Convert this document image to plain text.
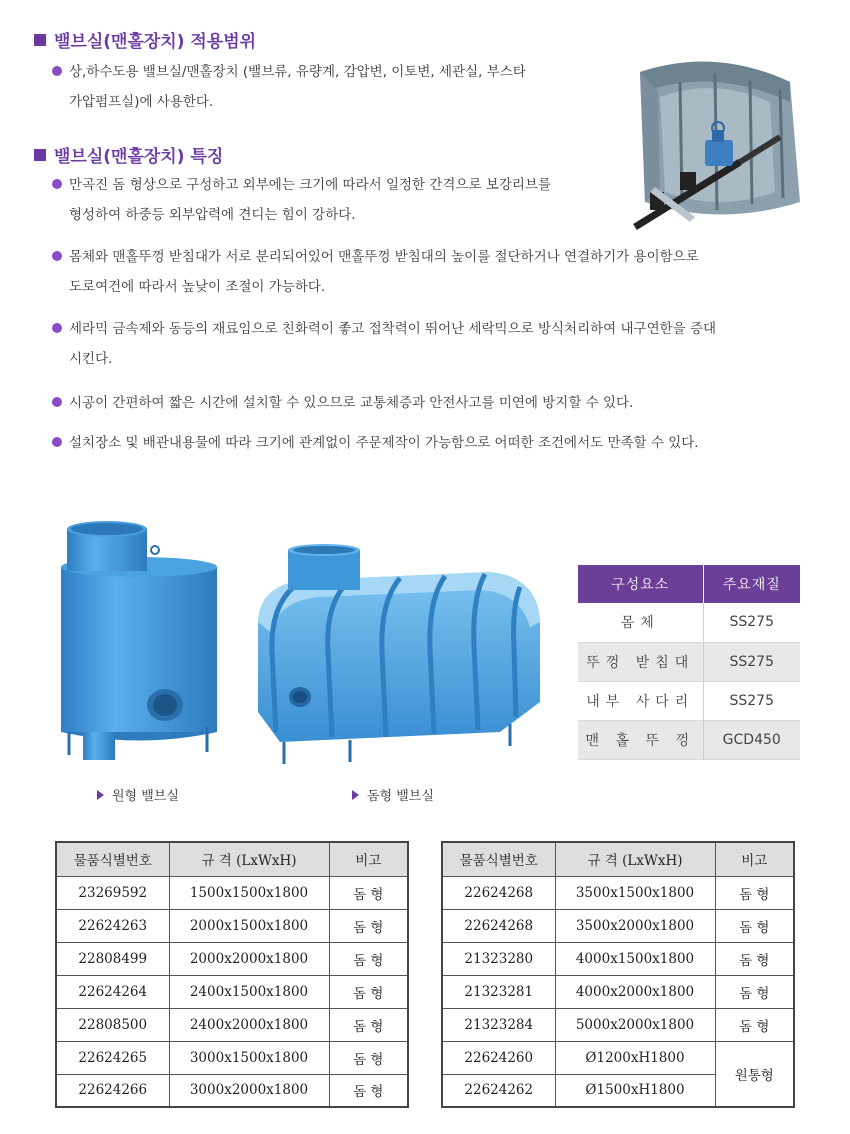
밸브실(맨홀장치) 적용범위
상,하수도용 밸브실/맨홀장치 (밸브류, 유량계, 감압변, 이토변, 세관실, 부스타
가압펌프실)에 사용한다.
밸브실(맨홀장치) 특징
만곡진 돔 형상으로 구성하고 외부에는 크기에 따라서 일정한 간격으로 보강리브를
형성하여 하중등 외부압력에 견디는 힘이 강하다.
몸체와 맨홀뚜껑 받침대가 서로 분리되어있어 맨홀뚜껑 받침대의 높이를 절단하거나 연결하기가 용이함으로
도로여건에 따라서 높낮이 조절이 가능하다.
세라믹 금속제와 동등의 재료임으로 친화력이 좋고 접착력이 뛰어난 세락믹으로 방식처리하여 내구연한을 증대
시킨다.
시공이 간편하여 짧은 시간에 설치할 수 있으므로 교통체증과 안전사고를 미연에 방지할 수 있다.
설치장소 및 배관내용물에 따라 크기에 관계없이 주문제작이 가능함으로 어떠한 조건에서도 만족할 수 있다.
원형 밸브실	돔형 밸브실
구성요소	주요재질
몸체	SS275
뚜껑 받침대	SS275
내부 사다리	SS275
맨 홀 뚜 껑	GCD450
물품식별번호	규 격 (LxWxH)	비고
23269592	1500x1500x1800	돔 형
22624263	2000x1500x1800	돔 형
22808499	2000x2000x1800	돔 형
22624264	2400x1500x1800	돔 형
22808500	2400x2000x1800	돔 형
22624265	3000x1500x1800	돔 형
22624266	3000x2000x1800	돔 형
물품식별번호	규 격 (LxWxH)	비고
22624268	3500x1500x1800	돔 형
22624268	3500x2000x1800	돔 형
21323280	4000x1500x1800	돔 형
21323281	4000x2000x1800	돔 형
21323284	5000x2000x1800	돔 형
22624260	Ø1200xH1800	원통형
22624262	Ø1500xH1800	
